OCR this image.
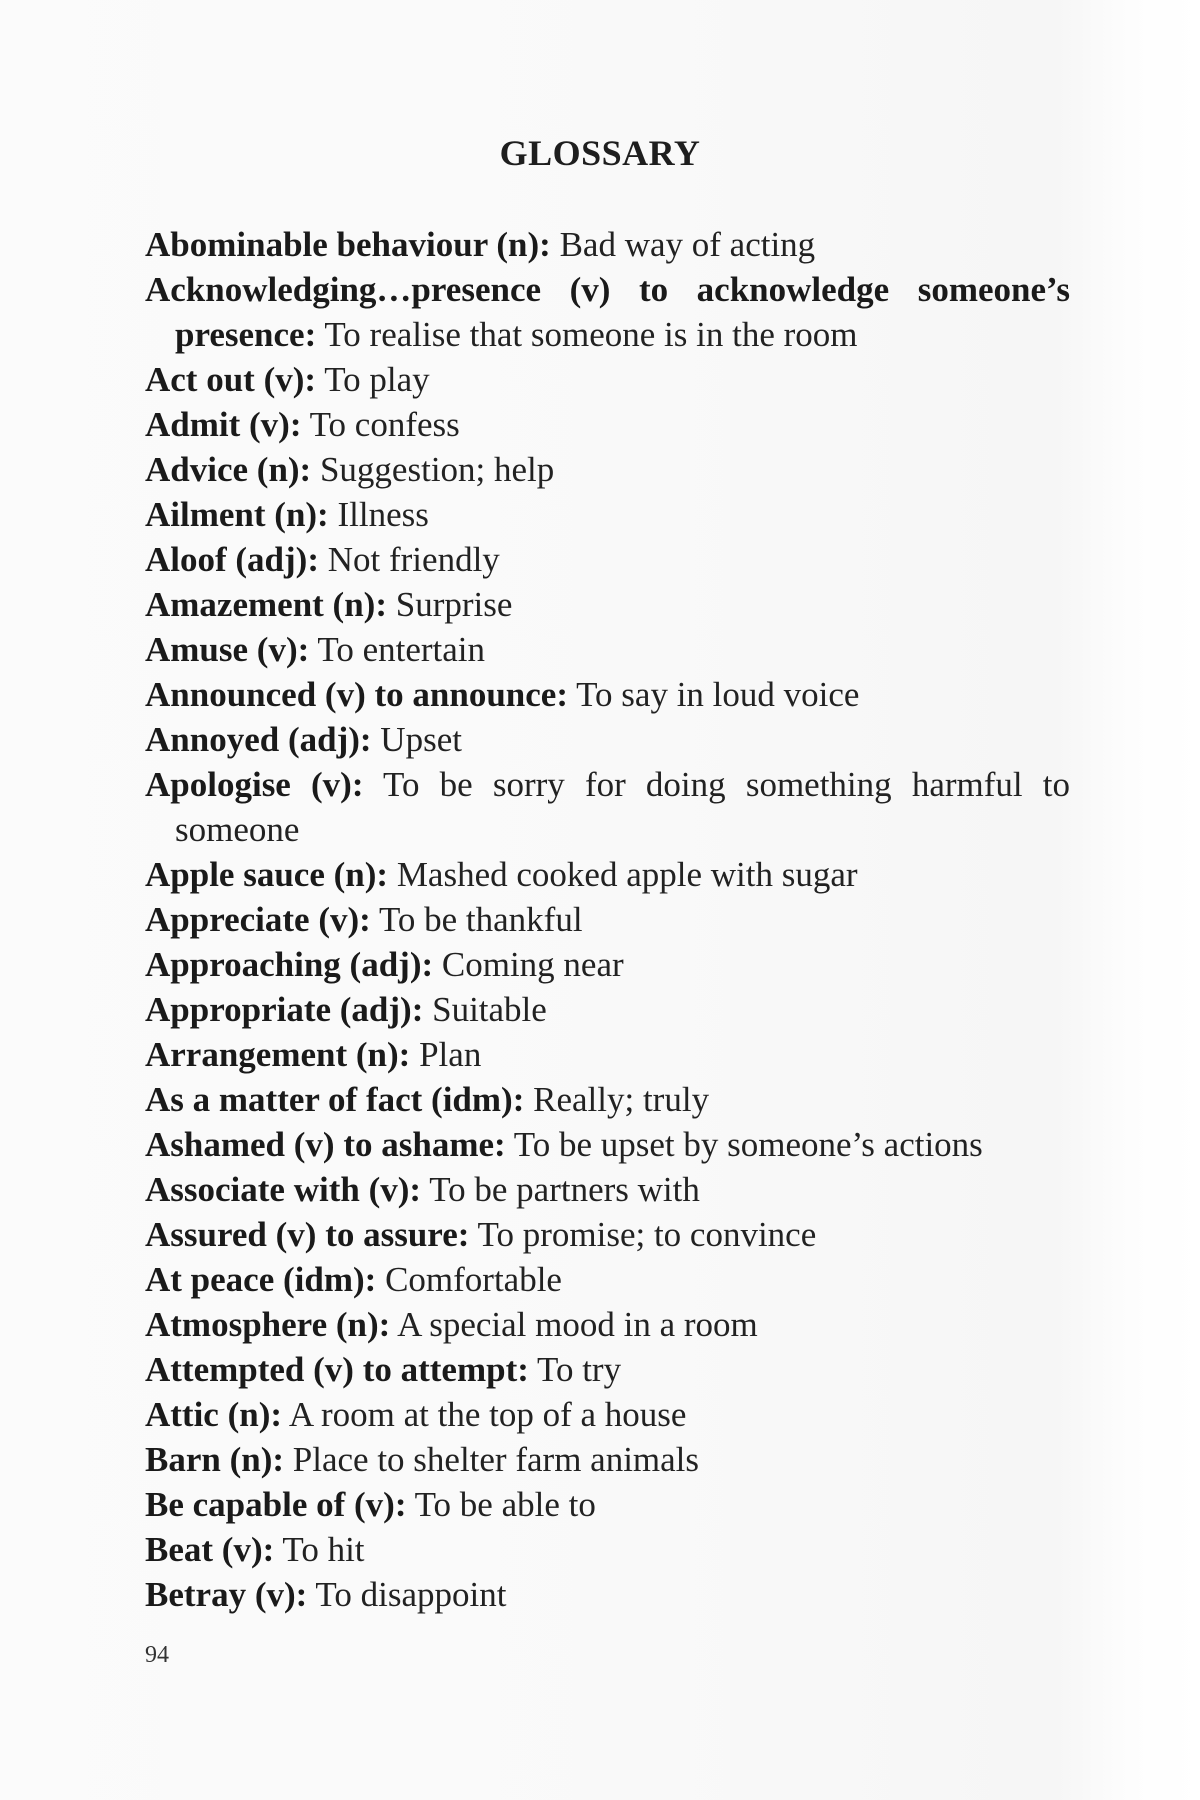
GLOSSARY
Abominable behaviour (n): Bad way of acting
Acknowledging…presence (v) to acknowledge someone’s presence: To realise that someone is in the room
Act out (v): To play
Admit (v): To confess
Advice (n): Suggestion; help
Ailment (n): Illness
Aloof (adj): Not friendly
Amazement (n): Surprise
Amuse (v): To entertain
Announced (v) to announce: To say in loud voice
Annoyed (adj): Upset
Apologise (v): To be sorry for doing something harmful to someone
Apple sauce (n): Mashed cooked apple with sugar
Appreciate (v): To be thankful
Approaching (adj): Coming near
Appropriate (adj): Suitable
Arrangement (n): Plan
As a matter of fact (idm): Really; truly
Ashamed (v) to ashame: To be upset by someone’s actions
Associate with (v): To be partners with
Assured (v) to assure: To promise; to convince
At peace (idm): Comfortable
Atmosphere (n): A special mood in a room
Attempted (v) to attempt: To try
Attic (n): A room at the top of a house
Barn (n): Place to shelter farm animals
Be capable of (v): To be able to
Beat (v): To hit
Betray (v): To disappoint
94
